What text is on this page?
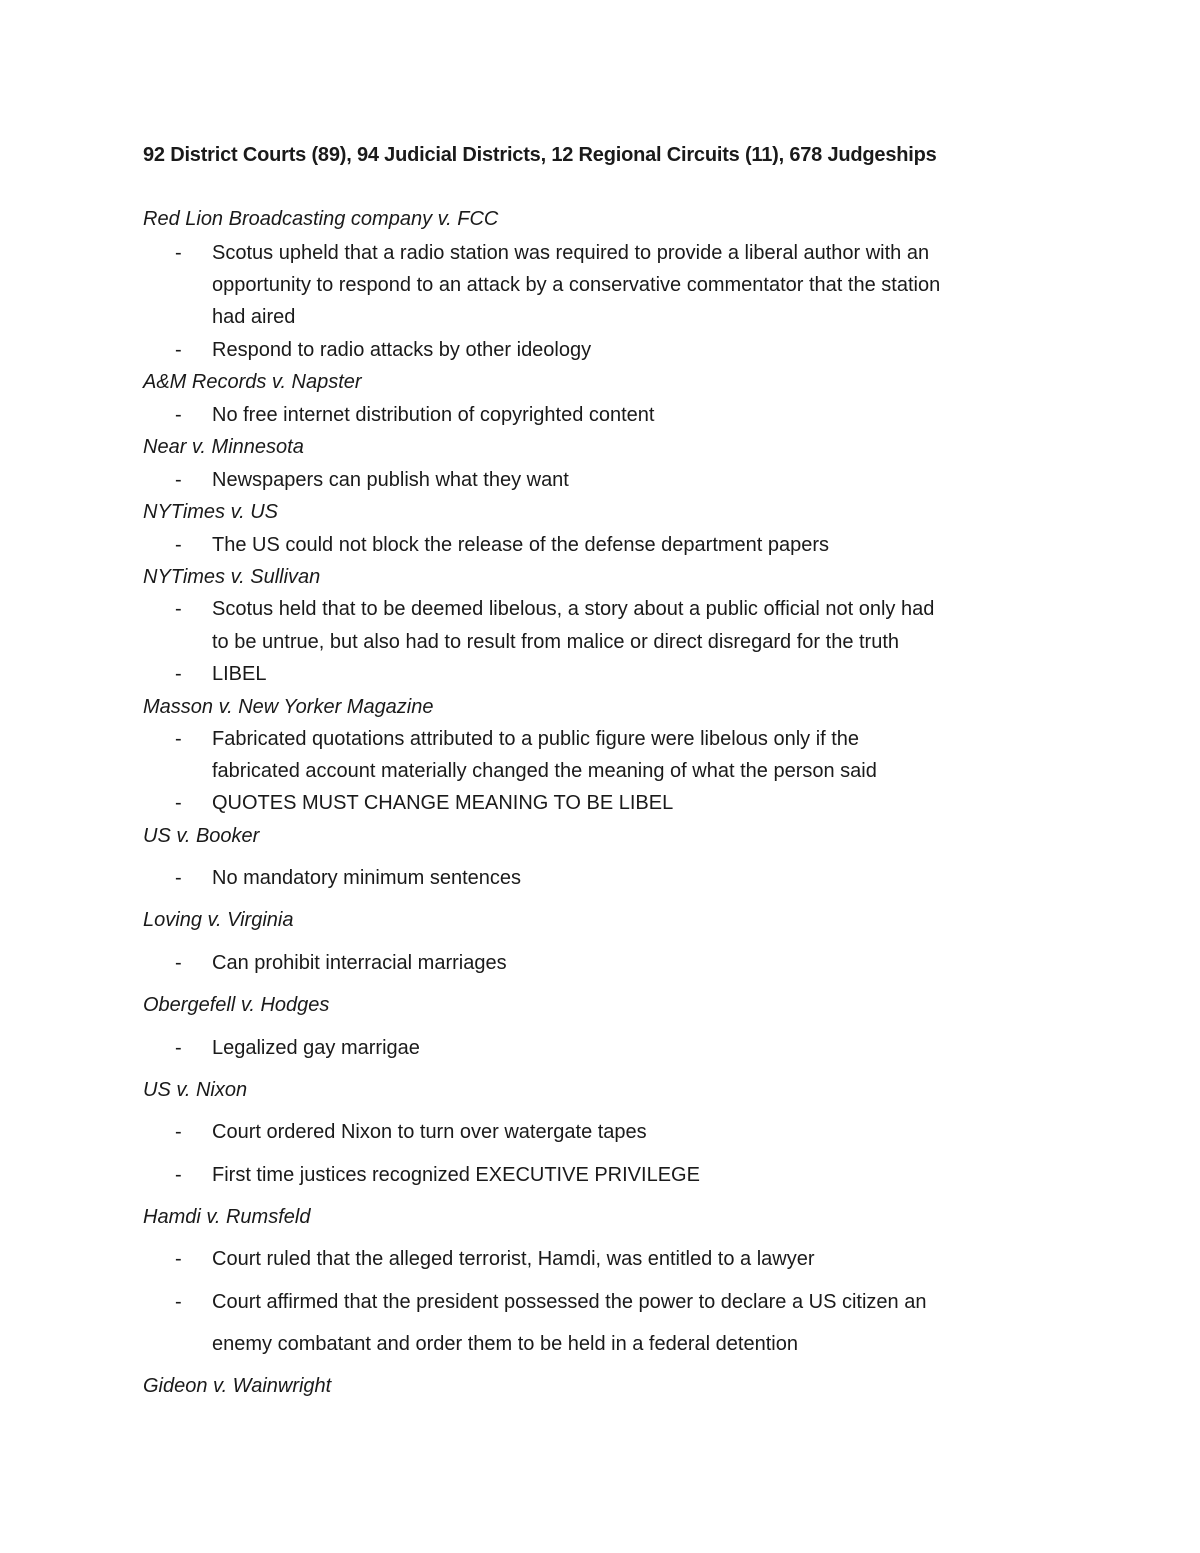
92 District Courts (89), 94 Judicial Districts, 12 Regional Circuits (11), 678 Judgeships
Red Lion Broadcasting company v. FCC
-	Scotus upheld that a radio station was required to provide a liberal author with an
opportunity to respond to an attack by a conservative commentator that the station
had aired
-	Respond to radio attacks by other ideology
A&M Records v. Napster
-	No free internet distribution of copyrighted content
Near v. Minnesota
-	Newspapers can publish what they want
NYTimes v. US
-	The US could not block the release of the defense department papers
NYTimes v. Sullivan
-	Scotus held that to be deemed libelous, a story about a public official not only had
to be untrue, but also had to result from malice or direct disregard for the truth
-	LIBEL
Masson v. New Yorker Magazine
-	Fabricated quotations attributed to a public figure were libelous only if the
fabricated account materially changed the meaning of what the person said
-	QUOTES MUST CHANGE MEANING TO BE LIBEL
US v. Booker
-	No mandatory minimum sentences
Loving v. Virginia
-	Can prohibit interracial marriages
Obergefell v. Hodges
-	Legalized gay marrigae
US v. Nixon
-	Court ordered Nixon to turn over watergate tapes
-	First time justices recognized EXECUTIVE PRIVILEGE
Hamdi v. Rumsfeld
-	Court ruled that the alleged terrorist, Hamdi, was entitled to a lawyer
-	Court affirmed that the president possessed the power to declare a US citizen an
enemy combatant and order them to be held in a federal detention
Gideon v. Wainwright
